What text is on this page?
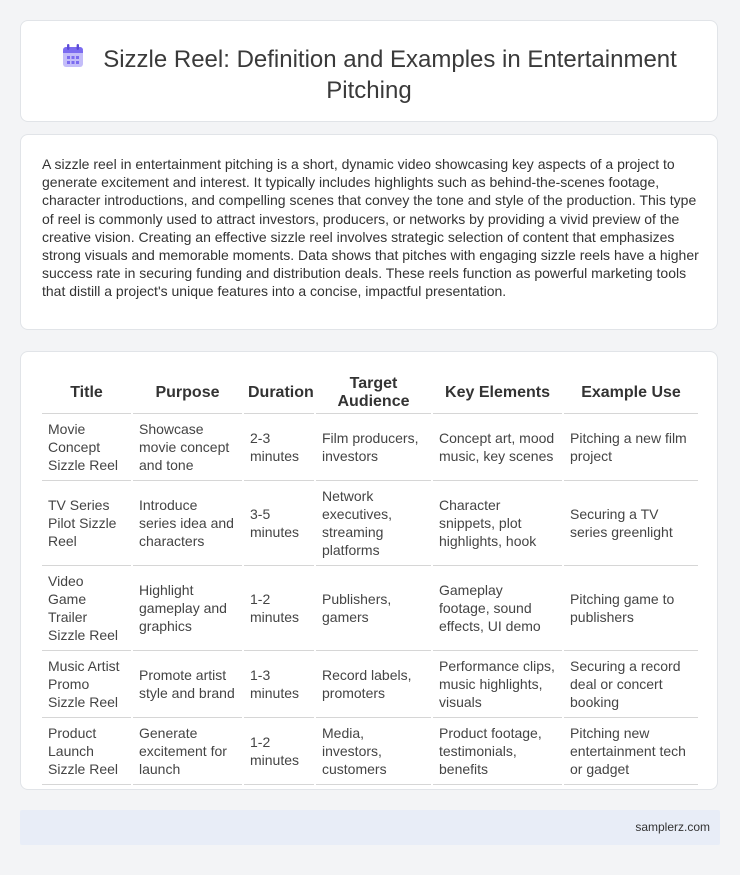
Sizzle Reel: Definition and Examples in Entertainment Pitching

A sizzle reel in entertainment pitching is a short, dynamic video showcasing key aspects of a project to generate excitement and interest. It typically includes highlights such as behind-the-scenes footage, character introductions, and compelling scenes that convey the tone and style of the production. This type of reel is commonly used to attract investors, producers, or networks by providing a vivid preview of the creative vision. Creating an effective sizzle reel involves strategic selection of content that emphasizes strong visuals and memorable moments. Data shows that pitches with engaging sizzle reels have a higher success rate in securing funding and distribution deals. These reels function as powerful marketing tools that distill a project's unique features into a concise, impactful presentation.

Title	Purpose	Duration	Target Audience	Key Elements	Example Use
Movie Concept Sizzle Reel	Showcase movie concept and tone	2-3 minutes	Film producers, investors	Concept art, mood music, key scenes	Pitching a new film project
TV Series Pilot Sizzle Reel	Introduce series idea and characters	3-5 minutes	Network executives, streaming platforms	Character snippets, plot highlights, hook	Securing a TV series greenlight
Video Game Trailer Sizzle Reel	Highlight gameplay and graphics	1-2 minutes	Publishers, gamers	Gameplay footage, sound effects, UI demo	Pitching game to publishers
Music Artist Promo Sizzle Reel	Promote artist style and brand	1-3 minutes	Record labels, promoters	Performance clips, music highlights, visuals	Securing a record deal or concert booking
Product Launch Sizzle Reel	Generate excitement for launch	1-2 minutes	Media, investors, customers	Product footage, testimonials, benefits	Pitching new entertainment tech or gadget
samplerz.com
